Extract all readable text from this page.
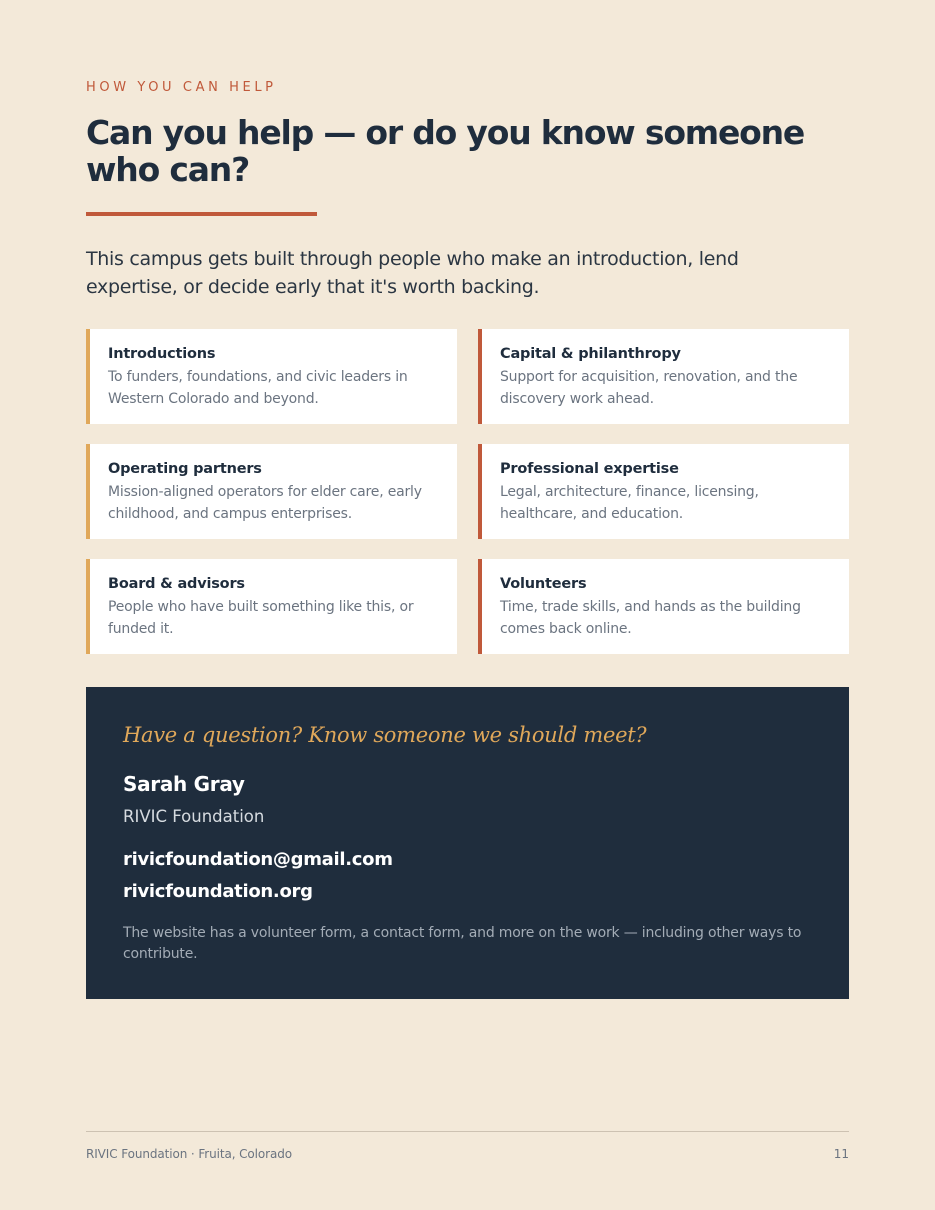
HOW YOU CAN HELP
Can you help — or do you know someone who can?

This campus gets built through people who make an introduction, lend expertise, or decide early that it's worth backing.

Introductions
To funders, foundations, and civic leaders in Western Colorado and beyond.
Capital & philanthropy
Support for acquisition, renovation, and the discovery work ahead.
Operating partners
Mission-aligned operators for elder care, early childhood, and campus enterprises.
Professional expertise
Legal, architecture, finance, licensing, healthcare, and education.
Board & advisors
People who have built something like this, or funded it.
Volunteers
Time, trade skills, and hands as the building comes back online.
Have a question? Know someone we should meet?
Sarah Gray
RIVIC Foundation
rivicfoundation@gmail.com
rivicfoundation.org

The website has a volunteer form, a contact form, and more on the work — including other ways to contribute.

RIVIC Foundation · Fruita, Colorado	11
